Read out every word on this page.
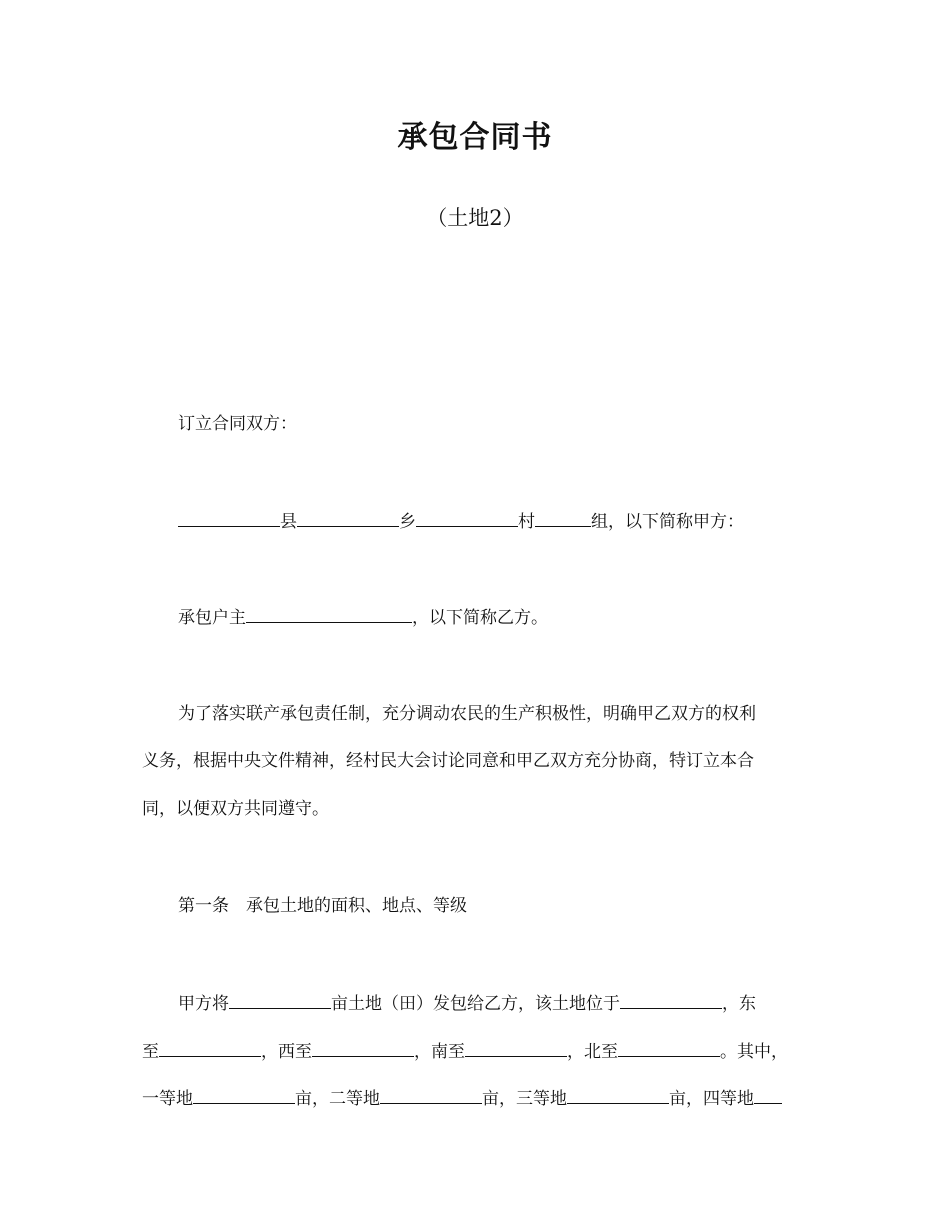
承包合同书
（土地2）
订立合同双方：
县	乡	村	组，以下简称甲方：
承包户主	，以下简称乙方。
为了落实联产承包责任制，充分调动农民的生产积极性，明确甲乙双方的权利
义务，根据中央文件精神，经村民大会讨论同意和甲乙双方充分协商，特订立本合
同，以便双方共同遵守。
第一条　承包土地的面积、地点、等级
甲方将	亩土地（田）发包给乙方，该土地位于	，东
至	，西至	，南至	，北至	。其中，
一等地	亩，二等地	亩，三等地	亩，四等地
